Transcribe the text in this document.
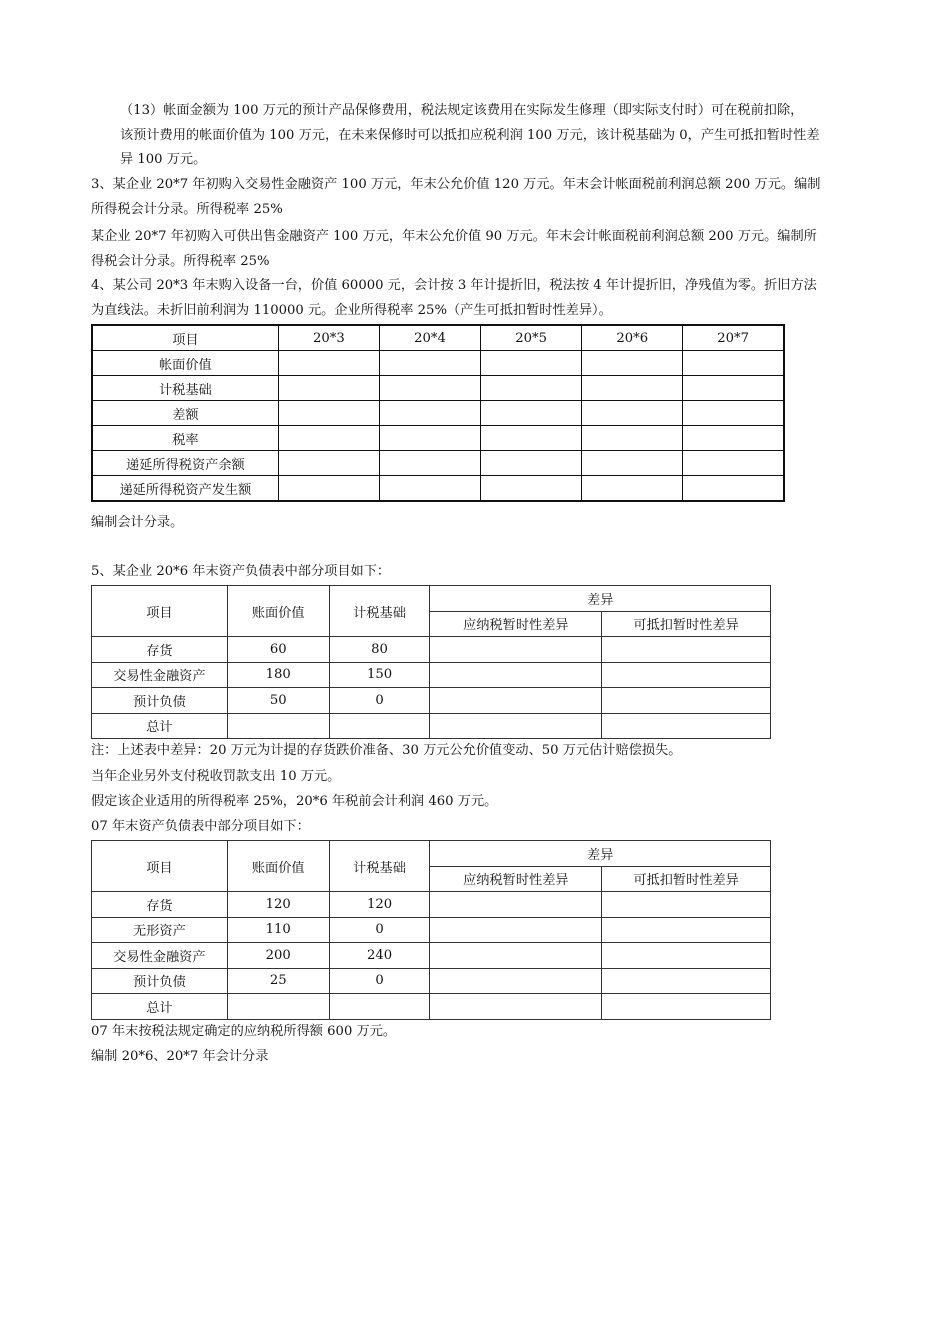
（13）帐面金额为 100 万元的预计产品保修费用，税法规定该费用在实际发生修理（即实际支付时）可在税前扣除，
该预计费用的帐面价值为 100 万元，在未来保修时可以抵扣应税利润 100 万元，该计税基础为 0，产生可抵扣暂时性差
异 100 万元。
3、某企业 20*7 年初购入交易性金融资产 100 万元，年末公允价值 120 万元。年末会计帐面税前利润总额 200 万元。编制
所得税会计分录。所得税率 25%
某企业 20*7 年初购入可供出售金融资产 100 万元，年末公允价值 90 万元。年末会计帐面税前利润总额 200 万元。编制所
得税会计分录。所得税率 25%
4、某公司 20*3 年末购入设备一台，价值 60000 元，会计按 3 年计提折旧，税法按 4 年计提折旧，净残值为零。折旧方法
为直线法。未折旧前利润为 110000 元。企业所得税率 25%（产生可抵扣暂时性差异）。
项目	20*3	20*4	20*5	20*6	20*7
帐面价值					
计税基础					
差额					
税率					
递延所得税资产余额					
递延所得税资产发生额					
编制会计分录。
5、某企业 20*6 年末资产负债表中部分项目如下：
项目	账面价值	计税基础	差异	
			应纳税暂时性差异	可抵扣暂时性差异
存货	60	80		
交易性金融资产	180	150		
预计负债	50	0		
总计				
注：上述表中差异：20 万元为计提的存货跌价准备、30 万元公允价值变动、50 万元估计赔偿损失。
当年企业另外支付税收罚款支出 10 万元。
假定该企业适用的所得税率 25%，20*6 年税前会计利润 460 万元。
07 年末资产负债表中部分项目如下：
项目	账面价值	计税基础	差异	
			应纳税暂时性差异	可抵扣暂时性差异
存货	120	120		
无形资产	110	0		
交易性金融资产	200	240		
预计负债	25	0		
总计				
07 年末按税法规定确定的应纳税所得额 600 万元。
编制 20*6、20*7 年会计分录
